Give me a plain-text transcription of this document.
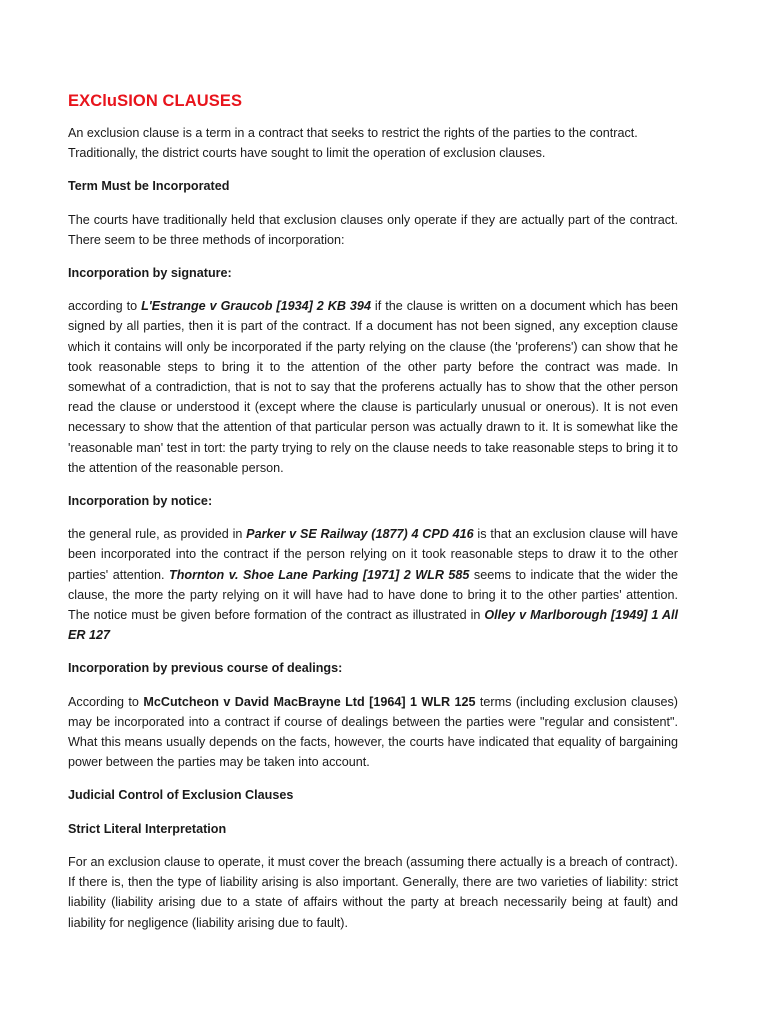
EXCluSION CLAUSES

An exclusion clause is a term in a contract that seeks to restrict the rights of the parties to the contract. Traditionally, the district courts have sought to limit the operation of exclusion clauses.

Term Must be Incorporated

The courts have traditionally held that exclusion clauses only operate if they are actually part of the contract. There seem to be three methods of incorporation:

Incorporation by signature:

according to L'Estrange v Graucob [1934] 2 KB 394 if the clause is written on a document which has been signed by all parties, then it is part of the contract. If a document has not been signed, any exception clause which it contains will only be incorporated if the party relying on the clause (the 'proferens') can show that he took reasonable steps to bring it to the attention of the other party before the contract was made. In somewhat of a contradiction, that is not to say that the proferens actually has to show that the other person read the clause or understood it (except where the clause is particularly unusual or onerous). It is not even necessary to show that the attention of that particular person was actually drawn to it. It is somewhat like the 'reasonable man' test in tort: the party trying to rely on the clause needs to take reasonable steps to bring it to the attention of the reasonable person.

Incorporation by notice:

the general rule, as provided in Parker v SE Railway (1877) 4 CPD 416 is that an exclusion clause will have been incorporated into the contract if the person relying on it took reasonable steps to draw it to the other parties' attention. Thornton v. Shoe Lane Parking [1971] 2 WLR 585 seems to indicate that the wider the clause, the more the party relying on it will have had to have done to bring it to the other parties' attention. The notice must be given before formation of the contract as illustrated in Olley v Marlborough [1949] 1 All ER 127

Incorporation by previous course of dealings:

According to McCutcheon v David MacBrayne Ltd [1964] 1 WLR 125 terms (including exclusion clauses) may be incorporated into a contract if course of dealings between the parties were "regular and consistent". What this means usually depends on the facts, however, the courts have indicated that equality of bargaining power between the parties may be taken into account.

Judicial Control of Exclusion Clauses
Strict Literal Interpretation

For an exclusion clause to operate, it must cover the breach (assuming there actually is a breach of contract). If there is, then the type of liability arising is also important. Generally, there are two varieties of liability: strict liability (liability arising due to a state of affairs without the party at breach necessarily being at fault) and liability for negligence (liability arising due to fault).
